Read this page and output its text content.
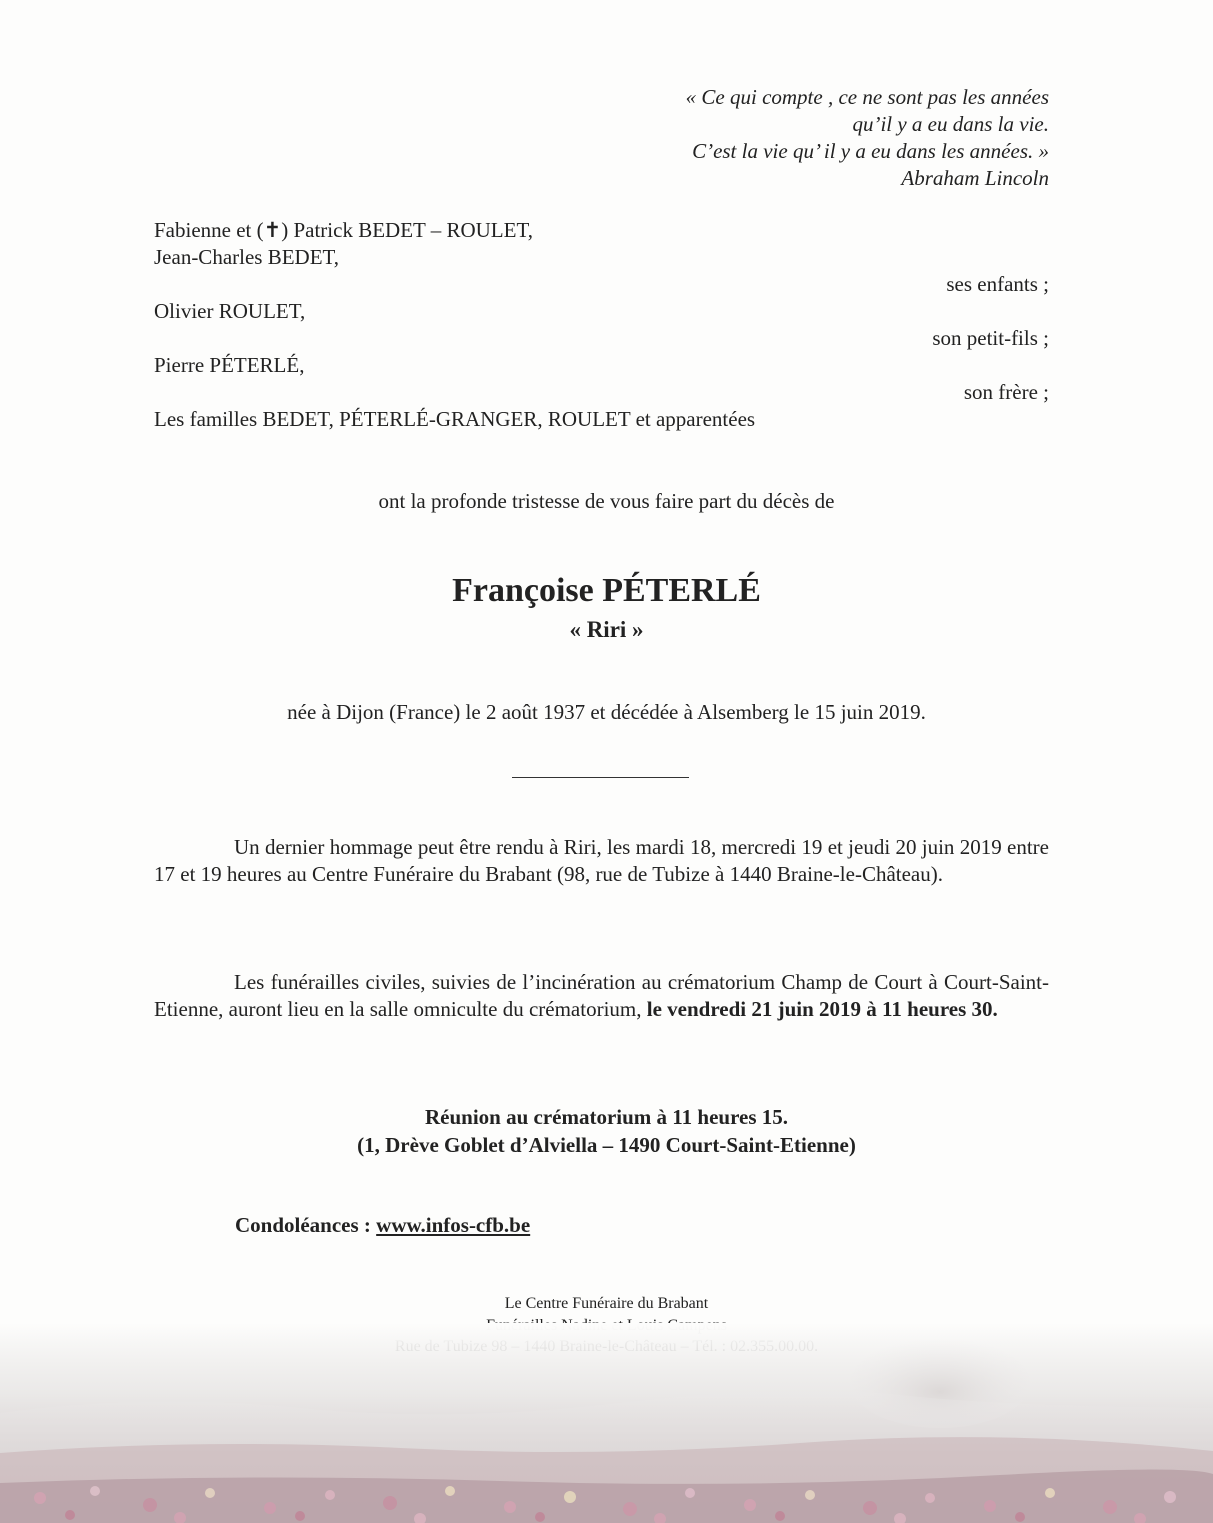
« Ce qui compte , ce ne sont pas les années
qu’il y a eu dans la vie.
C’est la vie qu’ il y a eu dans les années. »
Abraham Lincoln
Fabienne et (✝) Patrick BEDET – ROULET,
Jean-Charles BEDET,
ses enfants ;
Olivier ROULET,
son petit-fils ;
Pierre PÉTERLÉ,
son frère ;
Les familles BEDET, PÉTERLÉ-GRANGER, ROULET et apparentées
ont la profonde tristesse de vous faire part du décès de
Françoise PÉTERLÉ
« Riri »
née à Dijon (France) le 2 août 1937 et décédée à Alsemberg le 15 juin 2019.
Un dernier hommage peut être rendu à Riri, les mardi 18, mercredi 19 et jeudi 20 juin 2019 entre 17 et 19 heures au Centre Funéraire du Brabant (98, rue de Tubize à 1440 Braine-le-Château).
Les funérailles civiles, suivies de l’incinération au crématorium Champ de Court à Court-Saint-Etienne, auront lieu en la salle omniculte du crématorium, le vendredi 21 juin 2019 à 11 heures 30.
Réunion au crématorium à 11 heures 15.
(1, Drève Goblet d’Alviella – 1490 Court-Saint-Etienne)
Condoléances : www.infos-cfb.be
Le Centre Funéraire du Brabant
